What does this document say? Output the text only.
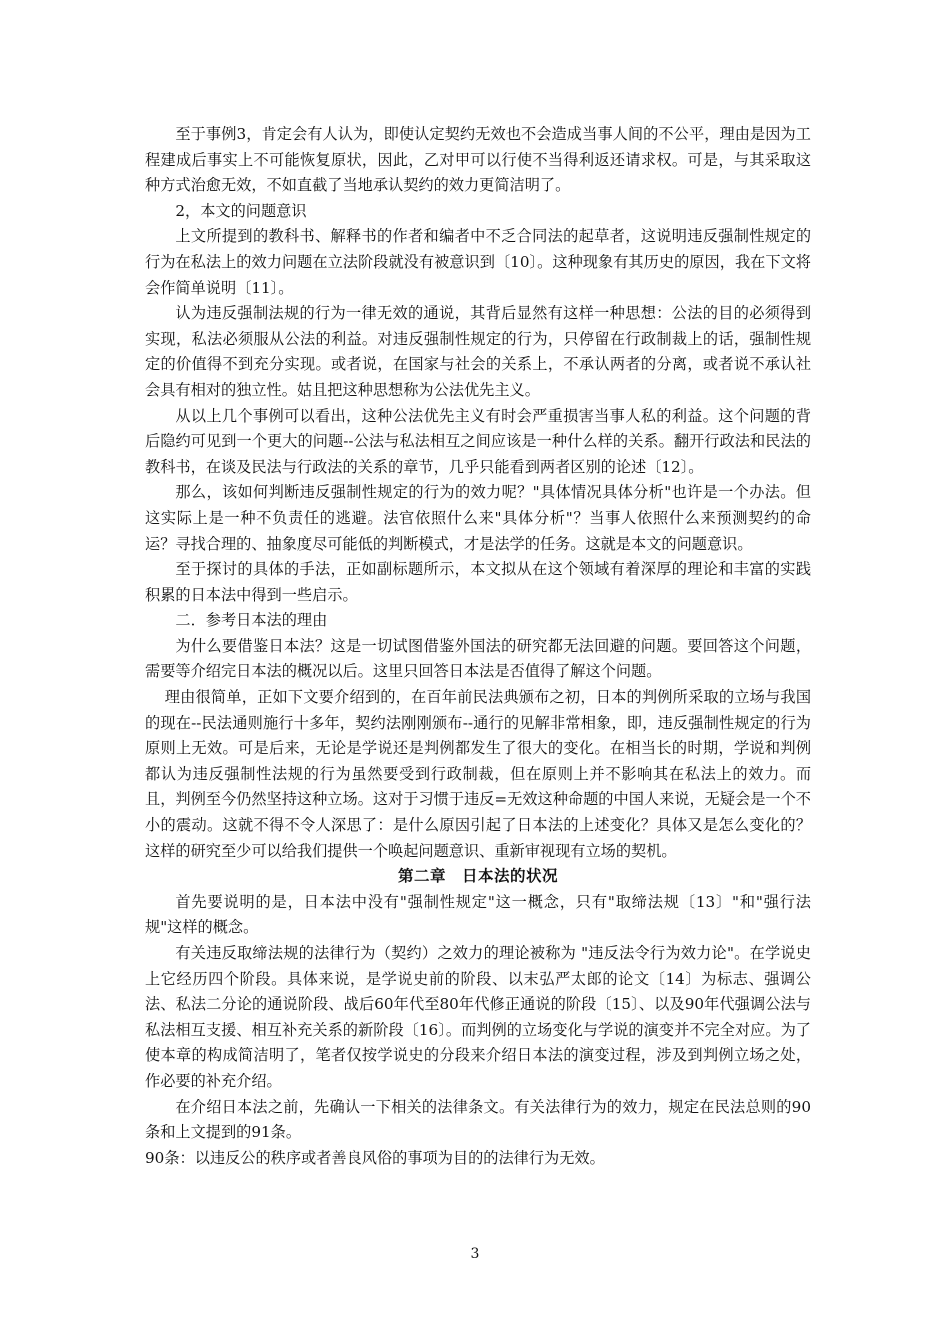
至于事例3，肯定会有人认为，即使认定契约无效也不会造成当事人间的不公平，理由是因为工程建成后事实上不可能恢复原状，因此，乙对甲可以行使不当得利返还请求权。可是，与其采取这种方式治愈无效，不如直截了当地承认契约的效力更简洁明了。

2，本文的问题意识

上文所提到的教科书、解释书的作者和编者中不乏合同法的起草者，这说明违反强制性规定的行为在私法上的效力问题在立法阶段就没有被意识到〔10〕。这种现象有其历史的原因，我在下文将会作简单说明〔11〕。

认为违反强制法规的行为一律无效的通说，其背后显然有这样一种思想：公法的目的必须得到实现，私法必须服从公法的利益。对违反强制性规定的行为，只停留在行政制裁上的话，强制性规定的价值得不到充分实现。或者说，在国家与社会的关系上，不承认两者的分离，或者说不承认社会具有相对的独立性。姑且把这种思想称为公法优先主义。

从以上几个事例可以看出，这种公法优先主义有时会严重损害当事人私的利益。这个问题的背后隐约可见到一个更大的问题--公法与私法相互之间应该是一种什么样的关系。翻开行政法和民法的教科书，在谈及民法与行政法的关系的章节，几乎只能看到两者区别的论述〔12〕。

那么，该如何判断违反强制性规定的行为的效力呢？"具体情况具体分析"也许是一个办法。但这实际上是一种不负责任的逃避。法官依照什么来"具体分析"？当事人依照什么来预测契约的命运？寻找合理的、抽象度尽可能低的判断模式，才是法学的任务。这就是本文的问题意识。

至于探讨的具体的手法，正如副标题所示，本文拟从在这个领域有着深厚的理论和丰富的实践积累的日本法中得到一些启示。

二．参考日本法的理由

为什么要借鉴日本法？这是一切试图借鉴外国法的研究都无法回避的问题。要回答这个问题，需要等介绍完日本法的概况以后。这里只回答日本法是否值得了解这个问题。

理由很简单，正如下文要介绍到的，在百年前民法典颁布之初，日本的判例所采取的立场与我国的现在--民法通则施行十多年，契约法刚刚颁布--通行的见解非常相象，即，违反强制性规定的行为原则上无效。可是后来，无论是学说还是判例都发生了很大的变化。在相当长的时期，学说和判例都认为违反强制性法规的行为虽然要受到行政制裁，但在原则上并不影响其在私法上的效力。而且，判例至今仍然坚持这种立场。这对于习惯于违反=无效这种命题的中国人来说，无疑会是一个不小的震动。这就不得不令人深思了：是什么原因引起了日本法的上述变化？具体又是怎么变化的？这样的研究至少可以给我们提供一个唤起问题意识、重新审视现有立场的契机。

第二章　日本法的状况

首先要说明的是，日本法中没有"强制性规定"这一概念，只有"取缔法规〔13〕"和"强行法规"这样的概念。

有关违反取缔法规的法律行为（契约）之效力的理论被称为 "违反法令行为效力论"。在学说史上它经历四个阶段。具体来说，是学说史前的阶段、以末弘严太郎的论文〔14〕为标志、强调公法、私法二分论的通说阶段、战后60年代至80年代修正通说的阶段〔15〕、以及90年代强调公法与私法相互支援、相互补充关系的新阶段〔16〕。而判例的立场变化与学说的演变并不完全对应。为了使本章的构成简洁明了，笔者仅按学说史的分段来介绍日本法的演变过程，涉及到判例立场之处，作必要的补充介绍。

在介绍日本法之前，先确认一下相关的法律条文。有关法律行为的效力，规定在民法总则的90条和上文提到的91条。

90条：以违反公的秩序或者善良风俗的事项为目的的法律行为无效。

3
